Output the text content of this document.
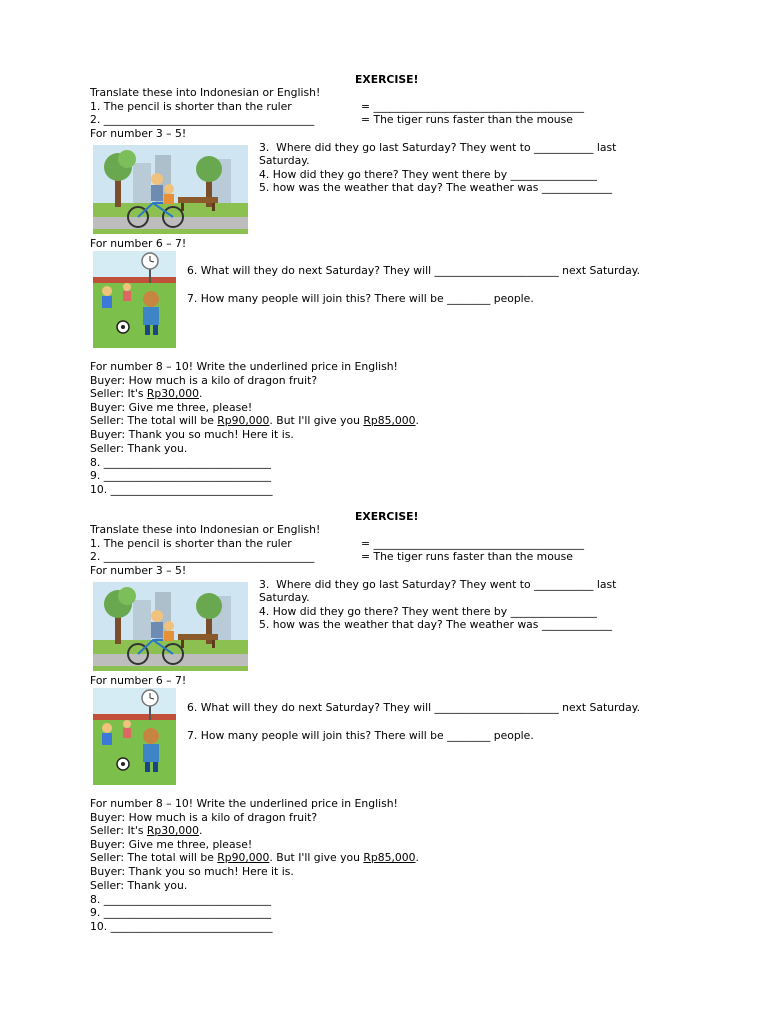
EXERCISE!
Translate these into Indonesian or English!
1. The pencil is shorter than the ruler	= _______________________________________
2. _______________________________________	= The tiger runs faster than the mouse
For number 3 – 5!
3.  Where did they go last Saturday? They went to ___________ last
Saturday.
4. How did they go there? They went there by ________________
5. how was the weather that day? The weather was _____________
For number 6 – 7!
6. What will they do next Saturday? They will _______________________ next Saturday.
7. How many people will join this? There will be ________ people.
For number 8 – 10! Write the underlined price in English!
Buyer: How much is a kilo of dragon fruit?
Seller: It's Rp30,000.
Buyer: Give me three, please!
Seller: The total will be Rp90,000. But I'll give you Rp85,000.
Buyer: Thank you so much! Here it is.
Seller: Thank you.
8. _______________________________
9. _______________________________
10. ______________________________
EXERCISE!
Translate these into Indonesian or English!
1. The pencil is shorter than the ruler	= _______________________________________
2. _______________________________________	= The tiger runs faster than the mouse
For number 3 – 5!
3.  Where did they go last Saturday? They went to ___________ last
Saturday.
4. How did they go there? They went there by ________________
5. how was the weather that day? The weather was _____________
For number 6 – 7!
6. What will they do next Saturday? They will _______________________ next Saturday.
7. How many people will join this? There will be ________ people.
For number 8 – 10! Write the underlined price in English!
Buyer: How much is a kilo of dragon fruit?
Seller: It's Rp30,000.
Buyer: Give me three, please!
Seller: The total will be Rp90,000. But I'll give you Rp85,000.
Buyer: Thank you so much! Here it is.
Seller: Thank you.
8. _______________________________
9. _______________________________
10. ______________________________
